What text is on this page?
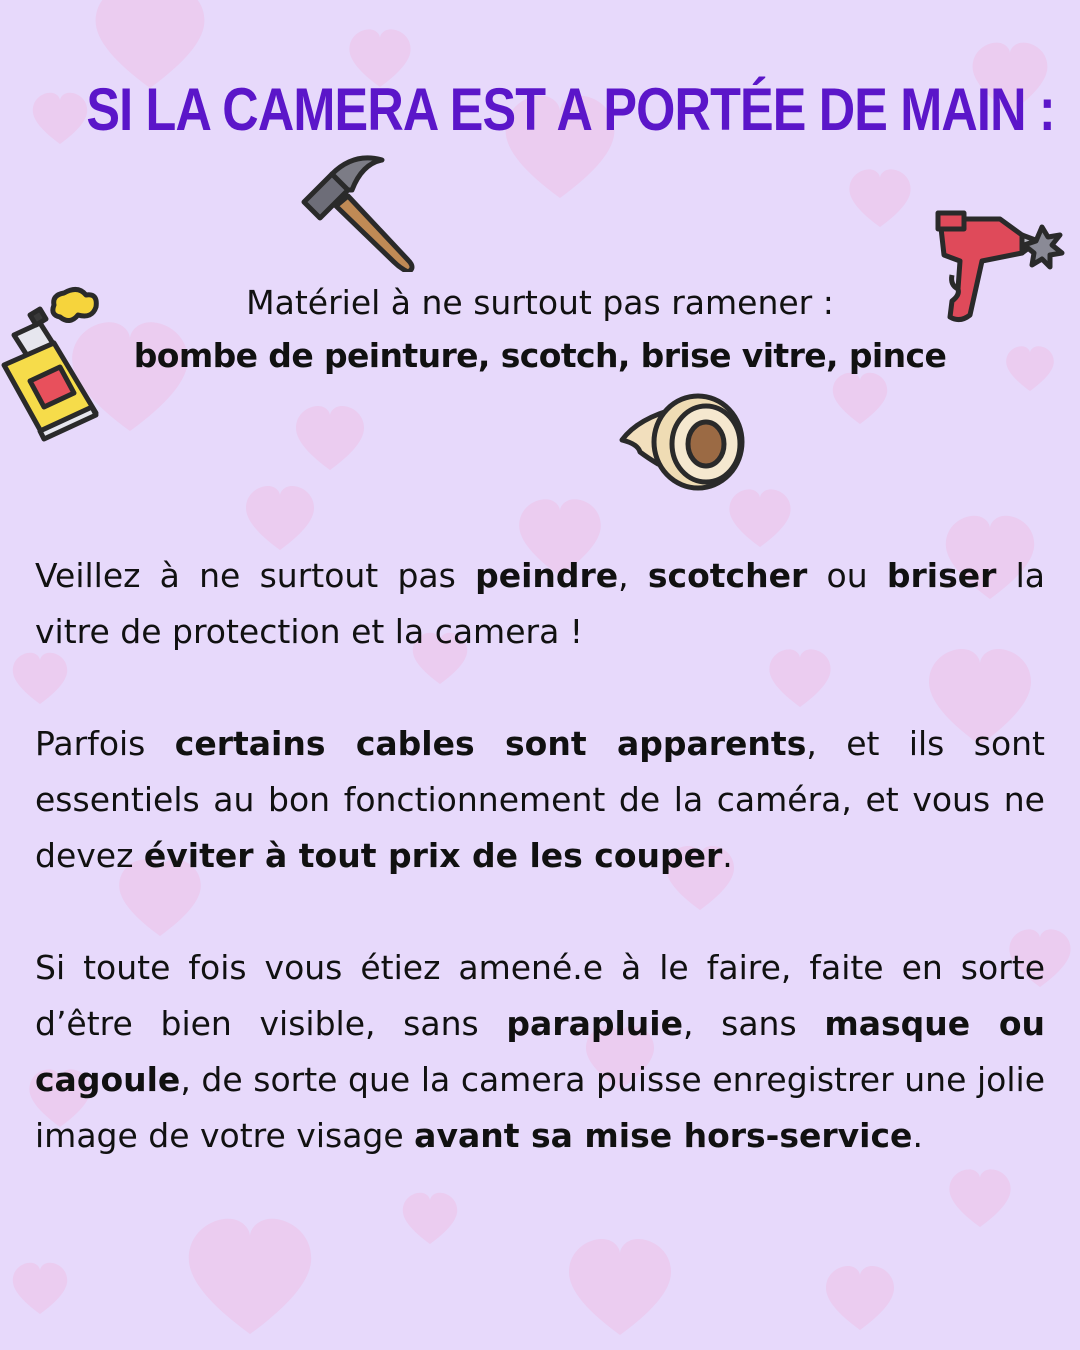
SI LA CAMERA EST A PORTÉE DE MAIN :
Matériel à ne surtout pas ramener :
bombe de peinture, scotch, brise vitre, pince
Veillez à ne surtout pas peindre, scotcher ou briser la vitre de protection et la camera !
Parfois certains cables sont apparents, et ils sont essentiels au bon fonctionnement de la caméra, et vous ne devez éviter à tout prix de les couper.
Si toute fois vous étiez amené.e à le faire, faite en sorte d’être bien visible, sans parapluie, sans masque ou cagoule, de sorte que la camera puisse enregistrer une jolie image de votre visage avant sa mise hors-service.
